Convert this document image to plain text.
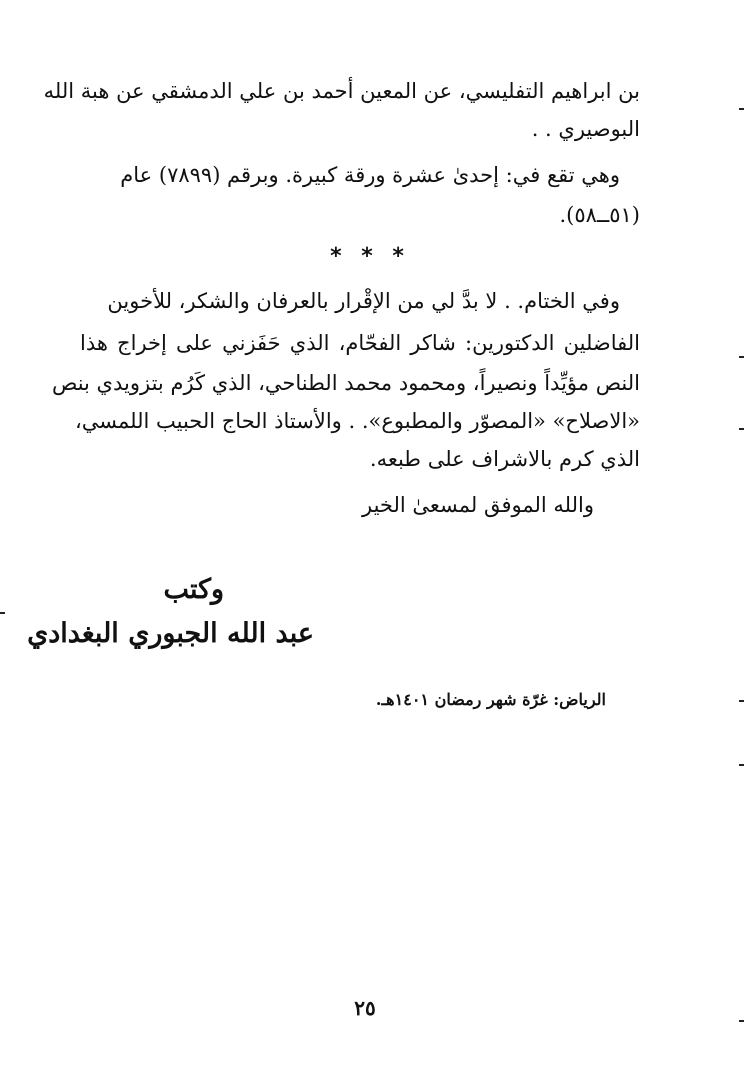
بن ابراهيم التفليسي، عن المعين أحمد بن علي الدمشقي عن هبة الله
البوصيري . .
وهي تقع في: إحدىٰ عشرة ورقة كبيرة. وبرقم (٧٨٩٩) عام
(٥١ــ٥٨).
* * *
وفي الختام. . لا بدَّ لي من الإقْرار بالعرفان والشكر، للأخوين
الفاضلين الدكتورين: شاكر الفحّام، الذي حَفَزني على إخراج هذا
النص مؤيِّداً ونصيراً، ومحمود محمد الطناحي، الذي كَرُم بتزويدي بنص
«الاصلاح» «المصوّر والمطبوع». . والأستاذ الحاج الحبيب اللمسي،
الذي كرم بالاشراف على طبعه.
والله الموفق لمسعىٰ الخير
وكتب
عبد الله الجبوري البغدادي
الرياض: غرّة شهر رمضان ١٤٠١هـ.
٢٥
